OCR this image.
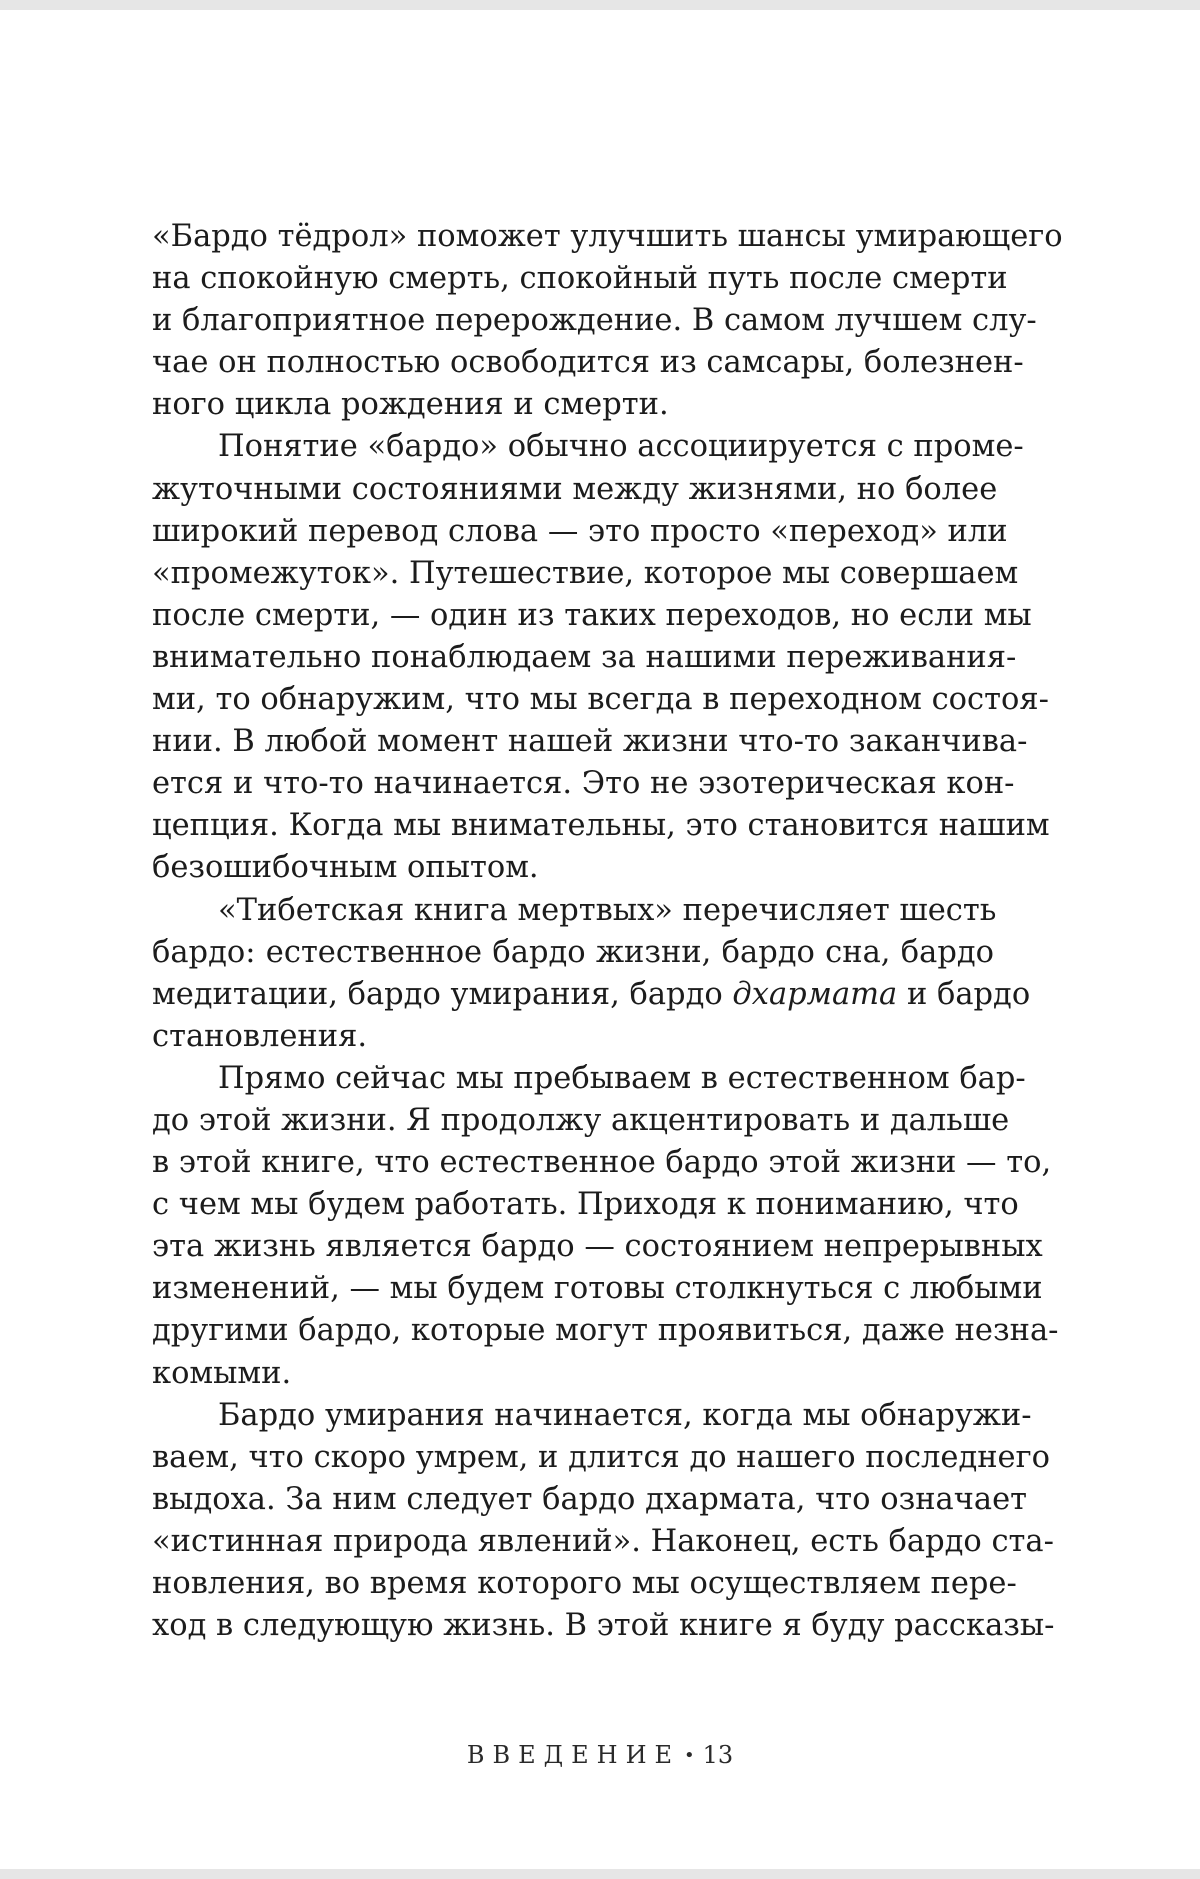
«Бардо тёдрол» поможет улучшить шансы умирающего
на спокойную смерть, спокойный путь после смерти
и благоприятное перерождение. В самом лучшем слу-
чае он полностью освободится из самсары, болезнен-
ного цикла рождения и смерти.
Понятие «бардо» обычно ассоциируется с проме-
жуточными состояниями между жизнями, но более
широкий перевод слова — это просто «переход» или
«промежуток». Путешествие, которое мы совершаем
после смерти, — один из таких переходов, но если мы
внимательно понаблюдаем за нашими переживания-
ми, то обнаружим, что мы всегда в переходном состоя-
нии. В любой момент нашей жизни что-то заканчива-
ется и что-то начинается. Это не эзотерическая кон-
цепция. Когда мы внимательны, это становится нашим
безошибочным опытом.
«Тибетская книга мертвых» перечисляет шесть
бардо: естественное бардо жизни, бардо сна, бардо
медитации, бардо умирания, бардо дхармата и бардо
становления.
Прямо сейчас мы пребываем в естественном бар-
до этой жизни. Я продолжу акцентировать и дальше
в этой книге, что естественное бардо этой жизни — то,
с чем мы будем работать. Приходя к пониманию, что
эта жизнь является бардо — состоянием непрерывных
изменений, — мы будем готовы столкнуться с любыми
другими бардо, которые могут проявиться, даже незна-
комыми.
Бардо умирания начинается, когда мы обнаружи-
ваем, что скоро умрем, и длится до нашего последнего
выдоха. За ним следует бардо дхармата, что означает
«истинная природа явлений». Наконец, есть бардо ста-
новления, во время которого мы осуществляем пере-
ход в следующую жизнь. В этой книге я буду рассказы-
ВВЕДЕНИЕ • 13
